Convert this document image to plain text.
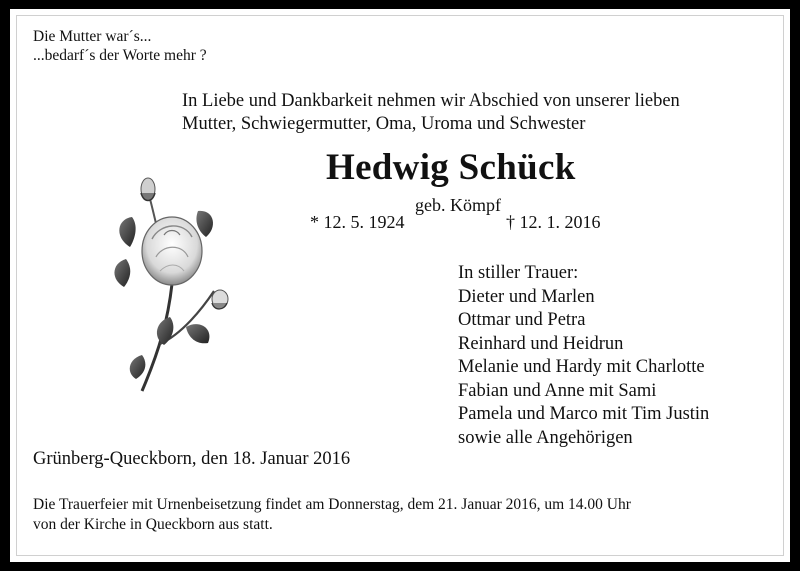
Die Mutter war´s...
...bedarf´s der Worte mehr ?
In Liebe und Dankbarkeit nehmen wir Abschied von unserer lieben
Mutter, Schwiegermutter, Oma, Uroma und Schwester
Hedwig Schück
geb. Kömpf
* 12. 5. 1924	† 12. 1. 2016
In stiller Trauer:
Dieter und Marlen
Ottmar und Petra
Reinhard und Heidrun
Melanie und Hardy mit Charlotte
Fabian und Anne mit Sami
Pamela und Marco mit Tim Justin
sowie alle Angehörigen
Grünberg-Queckborn, den 18. Januar 2016
Die Trauerfeier mit Urnenbeisetzung findet am Donnerstag, dem 21. Januar 2016, um 14.00 Uhr
von der Kirche in Queckborn aus statt.
